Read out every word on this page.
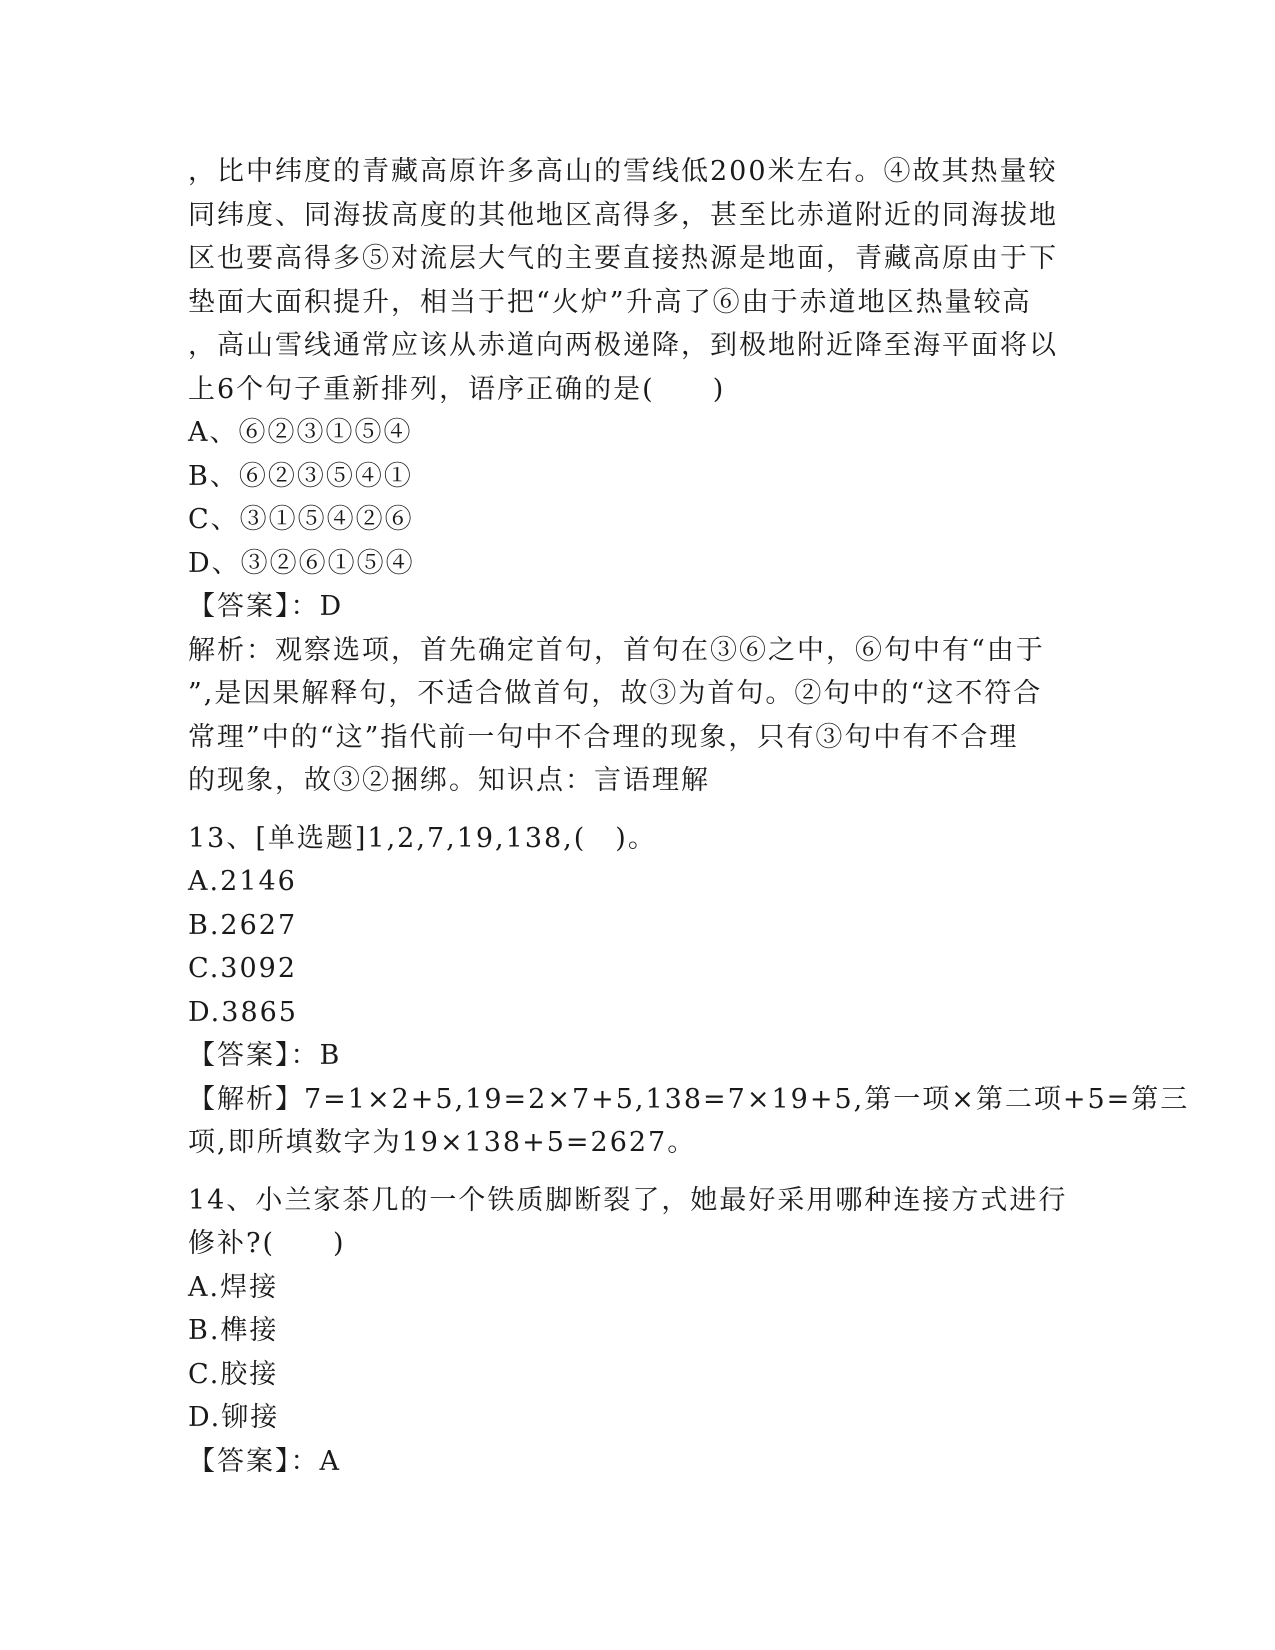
，比中纬度的青藏高原许多高山的雪线低200米左右。④故其热量较
同纬度、同海拔高度的其他地区高得多，甚至比赤道附近的同海拔地
区也要高得多⑤对流层大气的主要直接热源是地面，青藏高原由于下
垫面大面积提升，相当于把“火炉”升高了⑥由于赤道地区热量较高
，高山雪线通常应该从赤道向两极递降，到极地附近降至海平面将以
上6个句子重新排列，语序正确的是(　　)
A、⑥②③①⑤④
B、⑥②③⑤④①
C、③①⑤④②⑥
D、③②⑥①⑤④
【答案】：D
解析：观察选项，首先确定首句，首句在③⑥之中，⑥句中有“由于
”,是因果解释句，不适合做首句，故③为首句。②句中的“这不符合
常理”中的“这”指代前一句中不合理的现象，只有③句中有不合理
的现象，故③②捆绑。知识点：言语理解
13、[单选题]1,2,7,19,138,(　)。
A.2146
B.2627
C.3092
D.3865
【答案】：B
【解析】7=1×2+5,19=2×7+5,138=7×19+5,第一项×第二项+5=第三
项,即所填数字为19×138+5=2627。
14、小兰家茶几的一个铁质脚断裂了，她最好采用哪种连接方式进行
修补?(　　)
A.焊接
B.榫接
C.胶接
D.铆接
【答案】：A
